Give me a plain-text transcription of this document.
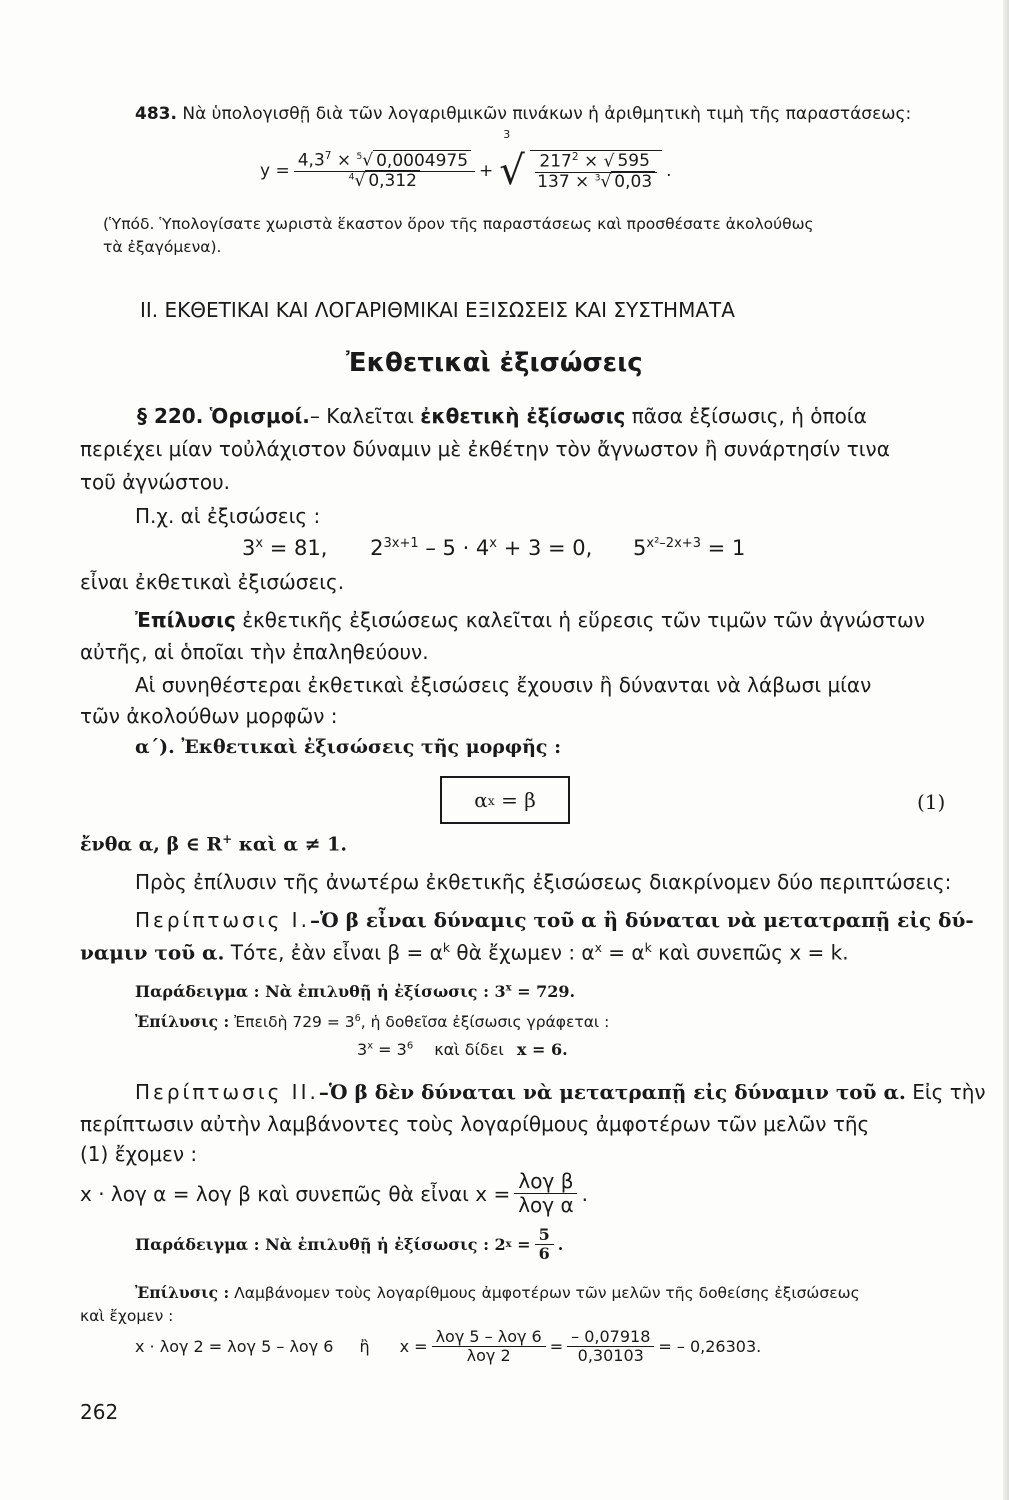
483. Νὰ ὑπολογισθῇ διὰ τῶν λογαριθμικῶν πινάκων ἡ ἀριθμητικὴ τιμὴ τῆς παραστάσεως:
$y = \frac{4,3^7 \times ^5√ 0,0004975}{^4√ 0,312}$ +
3
√ $\frac{217^2 \times √ 595}{137 \times ^3√ 0,03}$ .
(Ὑπόδ. Ὑπολογίσατε χωριστὰ ἕκαστον ὅρον τῆς παραστάσεως καὶ προσθέσατε ἀκολούθως
τὰ ἐξαγόμενα).
II. ΕΚΘΕΤΙΚΑΙ ΚΑΙ ΛΟΓΑΡΙΘΜΙΚΑΙ ΕΞΙΣΩΣΕΙΣ ΚΑΙ ΣΥΣΤΗΜΑΤΑ
Ἐκθετικαὶ ἐξισώσεις
§ 220. Ὁρισμοί.– Καλεῖται ἐκθετικὴ ἐξίσωσις πᾶσα ἐξίσωσις, ἡ ὁποία
περιέχει μίαν τοὐλάχιστον δύναμιν μὲ ἐκθέτην τὸν ἄγνωστον ἢ συνάρτησίν τινα
τοῦ ἀγνώστου.
Π.χ. αἱ ἐξισώσεις :
$3^x = 81$, $2^{3x+1} - 5 \cdot 4^x + 3 = 0$, $5^{x^2-2x+3} = 1$
εἶναι ἐκθετικαὶ ἐξισώσεις.
Ἐπίλυσις ἐκθετικῆς ἐξισώσεως καλεῖται ἡ εὕρεσις τῶν τιμῶν τῶν ἀγνώστων
αὐτῆς, αἱ ὁποῖαι τὴν ἐπαληθεύουν.
Αἱ συνηθέστεραι ἐκθετικαὶ ἐξισώσεις ἔχουσιν ἢ δύνανται νὰ λάβωσι μίαν
τῶν ἀκολούθων μορφῶν :
α΄). Ἐκθετικαὶ ἐξισώσεις τῆς μορφῆς :
α x
= β	(1)
ἔνθα α, β ∈ R+ καὶ α ≠ 1.
Πρὸς ἐπίλυσιν τῆς ἀνωτέρω ἐκθετικῆς ἐξισώσεως διακρίνομεν δύο περιπτώσεις:
Περίπτωσις I.–Ὁ β εἶναι δύναμις τοῦ α ἢ δύναται νὰ μετατραπῇ εἰς δύ-
ναμιν τοῦ α. Τότε, ἐὰν εἶναι $\beta = \alpha^k$ θὰ ἔχωμεν : $\alpha^x = \alpha^k$ καὶ συνεπῶς x = k.
Παράδειγμα : Νὰ ἐπιλυθῇ ἡ ἐξίσωσις : $3^x = 729$.
Ἐπίλυσις : Ἐπειδὴ $729 = 3^6$, ἡ δοθεῖσα ἐξίσωσις γράφεται :
$3^x = 3^6$ καὶ δίδει x = 6.
Περίπτωσις II.–Ὁ β δὲν δύναται νὰ μετατραπῇ εἰς δύναμιν τοῦ α. Εἰς τὴν
περίπτωσιν αὐτὴν λαμβάνοντες τοὺς λογαρίθμους ἀμφοτέρων τῶν μελῶν τῆς
(1) ἔχομεν :
x · λογ α = λογ β καὶ συνεπῶς θὰ εἶναι $x = \frac{\text{λογ β}}{\text{λογ α}}$ .
Παράδειγμα : Νὰ ἐπιλυθῇ ἡ ἐξίσωσις : 2 x
= $\frac{5}{6}$ .
Ἐπίλυσις : Λαμβάνομεν τοὺς λογαρίθμους ἀμφοτέρων τῶν μελῶν τῆς δοθείσης ἐξισώσεως
καὶ ἔχομεν :
x · λογ 2 = λογ 5 – λογ 6 ἢ $x = \frac{\text{λογ 5 – λογ 6}}{\text{λογ 2}} = \frac{- 0,07918}{0,30103}$ = – 0,26303.
262
